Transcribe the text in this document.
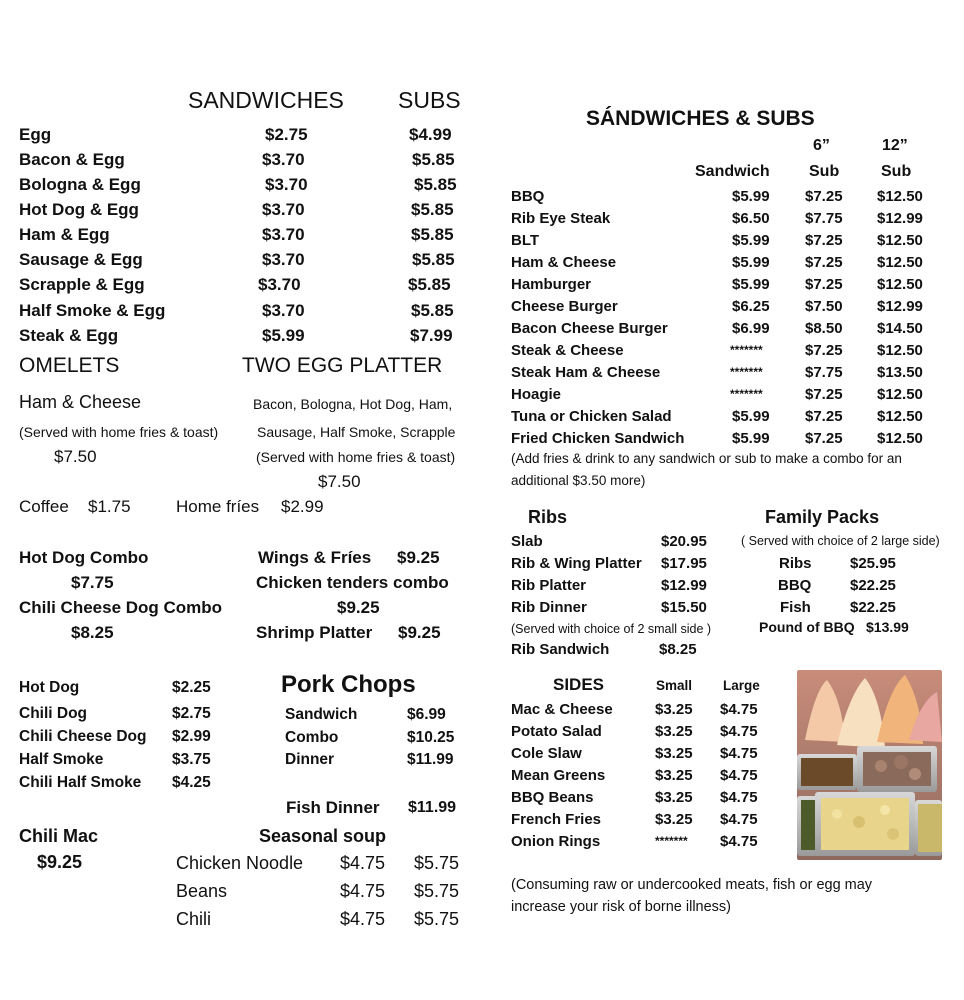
SANDWICHES SUBS
Egg	$2.75	$4.99
Bacon & Egg	$3.70	$5.85
Bologna & Egg	$3.70	$5.85
Hot Dog & Egg	$3.70	$5.85
Ham & Egg	$3.70	$5.85
Sausage & Egg	$3.70	$5.85
Scrapple & Egg	$3.70	$5.85
Half Smoke & Egg	$3.70	$5.85
Steak & Egg	$5.99	$7.99
OMELETS	TWO EGG PLATTER
Ham & Cheese
(Served with home fries & toast)
$7.50
Bacon, Bologna, Hot Dog, Ham,
Sausage, Half Smoke, Scrapple
(Served with home fries & toast)
$7.50
Coffee $1.75	Home fríes $2.99
Hot Dog Combo
$7.75
Chili Cheese Dog Combo
$8.25
Wings & Fríes $9.25
Chicken tenders combo
$9.25
Shrimp Platter $9.25
Hot Dog	$2.25
Chili Dog	$2.75
Chili Cheese Dog $2.99
Half Smoke	$3.75
Chili Half Smoke $4.25
Pork Chops
Sandwich	$6.99
Combo	$10.25
Dinner	$11.99
Fish Dinner $11.99
Chili Mac
$9.25
Seasonal soup
Chicken Noodle $4.75 $5.75
Beans	$4.75 $5.75
Chili	$4.75 $5.75
SÁNDWICHES & SUBS
6”	12”
Sandwich Sub	Sub
BBQ	$5.99 $7.25 $12.50
Rib Eye Steak	$6.50 $7.75 $12.99
BLT	$5.99 $7.25 $12.50
Ham & Cheese	$5.99 $7.25 $12.50
Hamburger	$5.99 $7.25 $12.50
Cheese Burger	$6.25 $7.50 $12.99
Bacon Cheese Burger	$6.99 $8.50 $14.50
Steak & Cheese	*******	$7.25 $12.50
Steak Ham & Cheese	*******	$7.75 $13.50
Hoagie	*******	$7.25 $12.50
Tuna or Chicken Salad	$5.99 $7.25 $12.50
Fried Chicken Sandwich	$5.99 $7.25 $12.50
(Add fries & drink to any sandwich or sub to make a combo for an
additional $3.50 more)
Ribs
Slab	$20.95
Rib & Wing Platter $17.95
Rib Platter	$12.99
Rib Dinner	$15.50
(Served with choice of 2 small side )
Rib Sandwich	$8.25
Family Packs
( Served with choice of 2 large side)
Ribs	$25.95
BBQ	$22.25
Fish	$22.25
Pound of BBQ $13.99
SIDES	Small Large
Mac & Cheese	$3.25 $4.75
Potato Salad	$3.25 $4.75
Cole Slaw	$3.25 $4.75
Mean Greens	$3.25 $4.75
BBQ Beans	$3.25 $4.75
French Fries	$3.25 $4.75
Onion Rings	******* $4.75
(Consuming raw or undercooked meats, fish or egg may
increase your risk of borne illness)
